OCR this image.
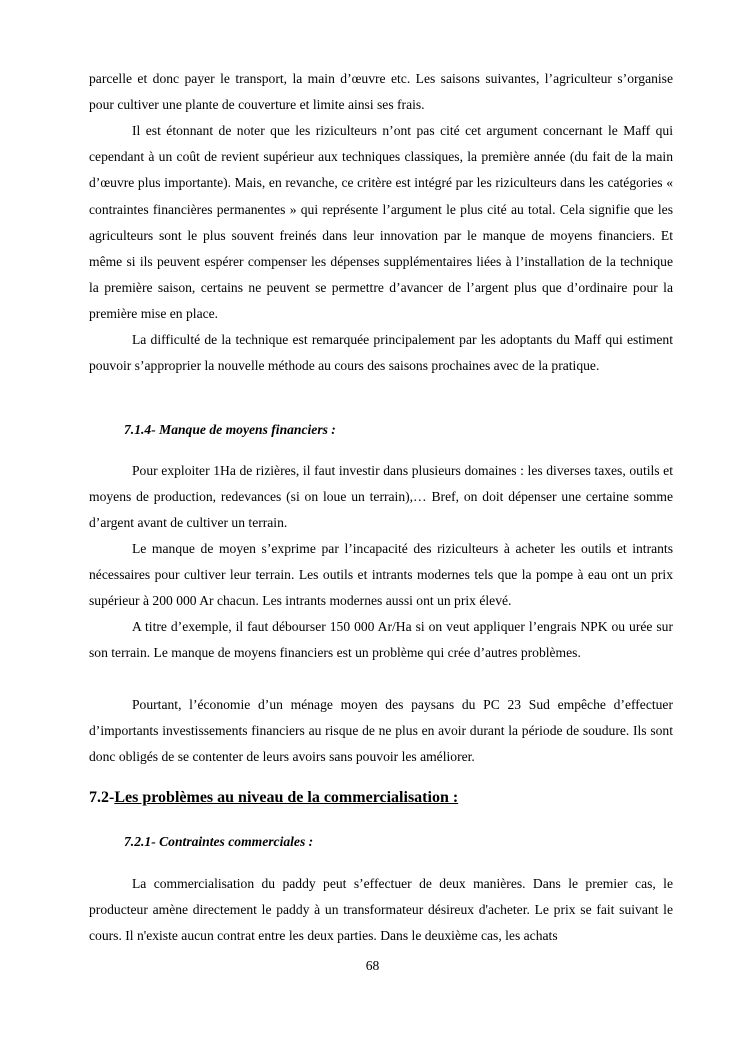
parcelle et donc payer le transport, la main d’œuvre etc. Les saisons suivantes, l’agriculteur s’organise pour cultiver une plante de couverture et limite ainsi ses frais.

Il est étonnant de noter que les riziculteurs n’ont pas cité cet argument concernant le Maff qui cependant à un coût de revient supérieur aux techniques classiques, la première année (du fait de la main d’œuvre plus importante). Mais, en revanche, ce critère est intégré par les riziculteurs dans les catégories « contraintes financières permanentes » qui représente l’argument le plus cité au total. Cela signifie que les agriculteurs sont le plus souvent freinés dans leur innovation par le manque de moyens financiers. Et même si ils peuvent espérer compenser les dépenses supplémentaires liées à l’installation de la technique la première saison, certains ne peuvent se permettre d’avancer de l’argent plus que d’ordinaire pour la première mise en place.

La difficulté de la technique est remarquée principalement par les adoptants du Maff qui estiment pouvoir s’approprier la nouvelle méthode au cours des saisons prochaines avec de la pratique.

7.1.4- Manque de moyens financiers :

Pour exploiter 1Ha de rizières, il faut investir dans plusieurs domaines : les diverses taxes, outils et moyens de production, redevances (si on loue un terrain),… Bref, on doit dépenser une certaine somme d’argent avant de cultiver un terrain.

Le manque de moyen s’exprime par l’incapacité des riziculteurs à acheter les outils et intrants nécessaires pour cultiver leur terrain. Les outils et intrants modernes tels que la pompe à eau ont un prix supérieur à 200 000 Ar chacun. Les intrants modernes aussi ont un prix élevé.

A titre d’exemple, il faut débourser 150 000 Ar/Ha si on veut appliquer l’engrais NPK ou urée sur son terrain. Le manque de moyens financiers est un problème qui crée d’autres problèmes.

Pourtant, l’économie d’un ménage moyen des paysans du PC 23 Sud empêche d’effectuer d’importants investissements financiers au risque de ne plus en avoir durant la période de soudure. Ils sont donc obligés de se contenter de leurs avoirs sans pouvoir les améliorer.

7.2-Les problèmes au niveau de la commercialisation :
7.2.1- Contraintes commerciales :

La commercialisation du paddy peut s’effectuer de deux manières. Dans le premier cas, le producteur amène directement le paddy à un transformateur désireux d'acheter. Le prix se fait suivant le cours. Il n'existe aucun contrat entre les deux parties. Dans le deuxième cas, les achats

68
